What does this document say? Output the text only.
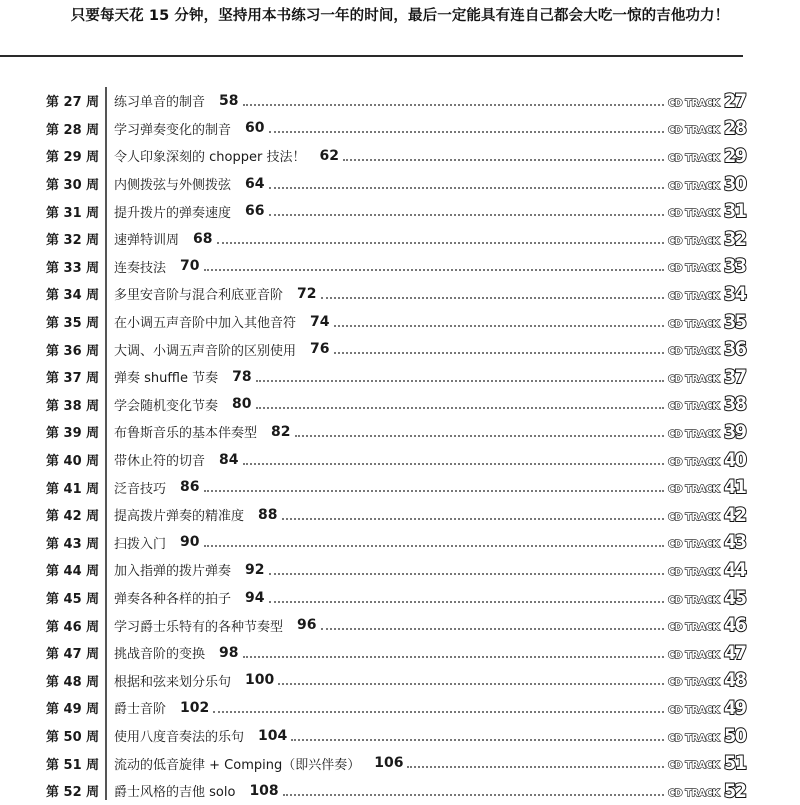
只要每天花 15 分钟，坚持用本书练习一年的时间，最后一定能具有连自己都会大吃一惊的吉他功力！
第 27 周 练习单音的制音 58	CD TRACK 27
第 28 周 学习弹奏变化的制音 60	CD TRACK 28
第 29 周 令人印象深刻的 chopper 技法！ 62	CD TRACK 29
第 30 周 内侧拨弦与外侧拨弦 64	CD TRACK 30
第 31 周 提升拨片的弹奏速度 66	CD TRACK 31
第 32 周 速弹特训周 68	CD TRACK 32
第 33 周 连奏技法 70	CD TRACK 33
第 34 周 多里安音阶与混合利底亚音阶 72	CD TRACK 34
第 35 周 在小调五声音阶中加入其他音符 74	CD TRACK 35
第 36 周 大调、小调五声音阶的区别使用 76	CD TRACK 36
第 37 周 弹奏 shuffle 节奏 78	CD TRACK 37
第 38 周 学会随机变化节奏 80	CD TRACK 38
第 39 周 布鲁斯音乐的基本伴奏型 82	CD TRACK 39
第 40 周 带休止符的切音 84	CD TRACK 40
第 41 周 泛音技巧 86	CD TRACK 41
第 42 周 提高拨片弹奏的精准度 88	CD TRACK 42
第 43 周 扫拨入门 90	CD TRACK 43
第 44 周 加入指弹的拨片弹奏 92	CD TRACK 44
第 45 周 弹奏各种各样的拍子 94	CD TRACK 45
第 46 周 学习爵士乐特有的各种节奏型 96	CD TRACK 46
第 47 周 挑战音阶的变换 98	CD TRACK 47
第 48 周 根据和弦来划分乐句 100	CD TRACK 48
第 49 周 爵士音阶 102	CD TRACK 49
第 50 周 使用八度音奏法的乐句 104	CD TRACK 50
第 51 周 流动的低音旋律 + Comping（即兴伴奏） 106	CD TRACK 51
第 52 周 爵士风格的吉他 solo 108	CD TRACK 52
